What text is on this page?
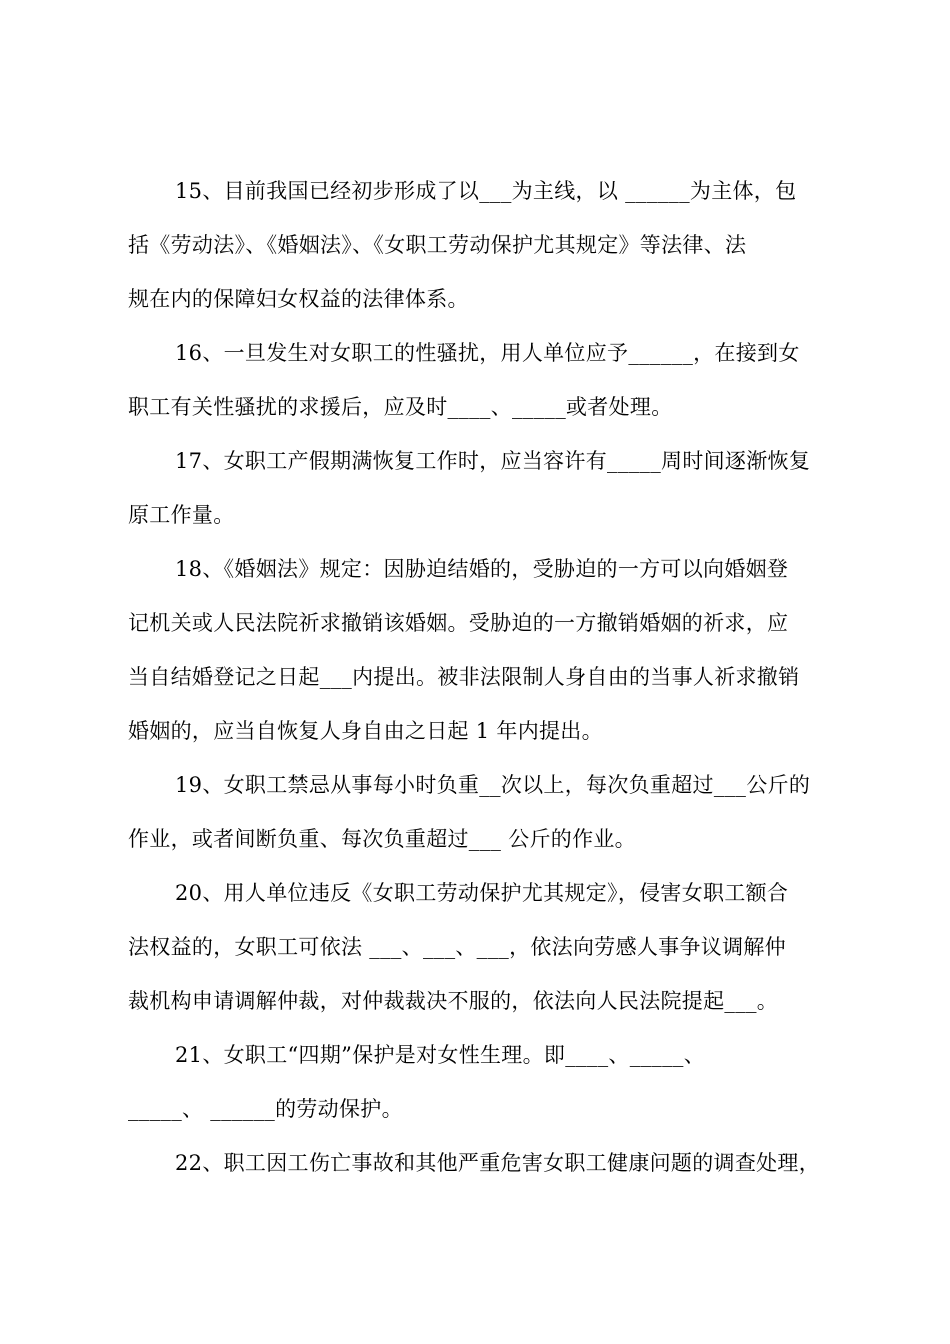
15、目前我国已经初步形成了以___为主线，以 ______为主体，包
括《劳动法》、《婚姻法》、《女职工劳动保护尤其规定》等法律、法
规在内的保障妇女权益的法律体系。
16、一旦发生对女职工的性骚扰，用人单位应予______，在接到女
职工有关性骚扰的求援后，应及时____、_____或者处理。
17、女职工产假期满恢复工作时，应当容许有_____周时间逐渐恢复
原工作量。
18、《婚姻法》规定：因胁迫结婚的，受胁迫的一方可以向婚姻登
记机关或人民法院祈求撤销该婚姻。受胁迫的一方撤销婚姻的祈求，应
当自结婚登记之日起___内提出。被非法限制人身自由的当事人祈求撤销
婚姻的，应当自恢复人身自由之日起 1 年内提出。
19、女职工禁忌从事每小时负重__次以上，每次负重超过___公斤的
作业，或者间断负重、每次负重超过___ 公斤的作业。
20、用人单位违反《女职工劳动保护尤其规定》，侵害女职工额合
法权益的，女职工可依法 ___、___、___，依法向劳感人事争议调解仲
裁机构申请调解仲裁，对仲裁裁决不服的，依法向人民法院提起___。
21、女职工“四期”保护是对女性生理。即____、_____、
_____、 ______的劳动保护。
22、职工因工伤亡事故和其他严重危害女职工健康问题的调查处理，
